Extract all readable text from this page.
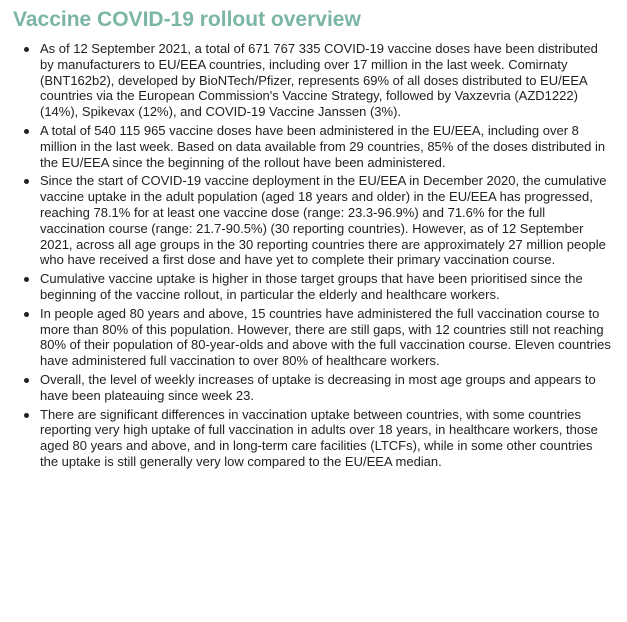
Vaccine COVID-19 rollout overview
As of 12 September 2021, a total of 671 767 335 COVID-19 vaccine doses have been distributed by manufacturers to EU/EEA countries, including over 17 million in the last week. Comirnaty (BNT162b2), developed by BioNTech/Pfizer, represents 69% of all doses distributed to EU/EEA countries via the European Commission's Vaccine Strategy, followed by Vaxzevria (AZD1222) (14%), Spikevax (12%), and COVID-19 Vaccine Janssen (3%).
A total of 540 115 965 vaccine doses have been administered in the EU/EEA, including over 8 million in the last week. Based on data available from 29 countries, 85% of the doses distributed in the EU/EEA since the beginning of the rollout have been administered.
Since the start of COVID-19 vaccine deployment in the EU/EEA in December 2020, the cumulative vaccine uptake in the adult population (aged 18 years and older) in the EU/EEA has progressed, reaching 78.1% for at least one vaccine dose (range: 23.3-96.9%) and 71.6% for the full vaccination course (range: 21.7-90.5%) (30 reporting countries). However, as of 12 September 2021, across all age groups in the 30 reporting countries there are approximately 27 million people who have received a first dose and have yet to complete their primary vaccination course.
Cumulative vaccine uptake is higher in those target groups that have been prioritised since the beginning of the vaccine rollout, in particular the elderly and healthcare workers.
In people aged 80 years and above, 15 countries have administered the full vaccination course to more than 80% of this population. However, there are still gaps, with 12 countries still not reaching 80% of their population of 80-year-olds and above with the full vaccination course. Eleven countries have administered full vaccination to over 80% of healthcare workers.
Overall, the level of weekly increases of uptake is decreasing in most age groups and appears to have been plateauing since week 23.
There are significant differences in vaccination uptake between countries, with some countries reporting very high uptake of full vaccination in adults over 18 years, in healthcare workers, those aged 80 years and above, and in long-term care facilities (LTCFs), while in some other countries the uptake is still generally very low compared to the EU/EEA median.
